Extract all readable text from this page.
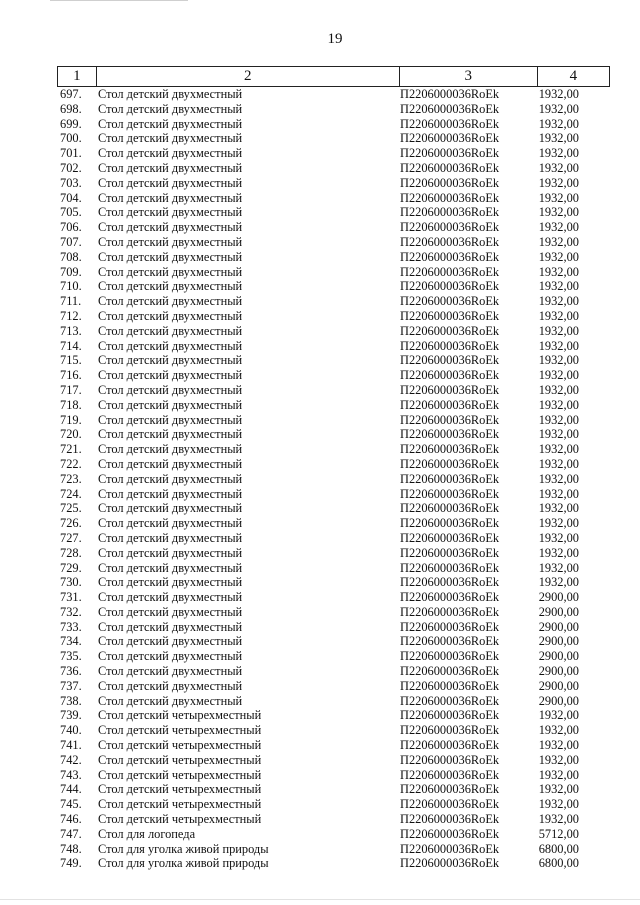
19
1	2	3	4
697.	Стол детский двухместный	П2206000036RoEk	1932,00
698.	Стол детский двухместный	П2206000036RoEk	1932,00
699.	Стол детский двухместный	П2206000036RoEk	1932,00
700.	Стол детский двухместный	П2206000036RoEk	1932,00
701.	Стол детский двухместный	П2206000036RoEk	1932,00
702.	Стол детский двухместный	П2206000036RoEk	1932,00
703.	Стол детский двухместный	П2206000036RoEk	1932,00
704.	Стол детский двухместный	П2206000036RoEk	1932,00
705.	Стол детский двухместный	П2206000036RoEk	1932,00
706.	Стол детский двухместный	П2206000036RoEk	1932,00
707.	Стол детский двухместный	П2206000036RoEk	1932,00
708.	Стол детский двухместный	П2206000036RoEk	1932,00
709.	Стол детский двухместный	П2206000036RoEk	1932,00
710.	Стол детский двухместный	П2206000036RoEk	1932,00
711.	Стол детский двухместный	П2206000036RoEk	1932,00
712.	Стол детский двухместный	П2206000036RoEk	1932,00
713.	Стол детский двухместный	П2206000036RoEk	1932,00
714.	Стол детский двухместный	П2206000036RoEk	1932,00
715.	Стол детский двухместный	П2206000036RoEk	1932,00
716.	Стол детский двухместный	П2206000036RoEk	1932,00
717.	Стол детский двухместный	П2206000036RoEk	1932,00
718.	Стол детский двухместный	П2206000036RoEk	1932,00
719.	Стол детский двухместный	П2206000036RoEk	1932,00
720.	Стол детский двухместный	П2206000036RoEk	1932,00
721.	Стол детский двухместный	П2206000036RoEk	1932,00
722.	Стол детский двухместный	П2206000036RoEk	1932,00
723.	Стол детский двухместный	П2206000036RoEk	1932,00
724.	Стол детский двухместный	П2206000036RoEk	1932,00
725.	Стол детский двухместный	П2206000036RoEk	1932,00
726.	Стол детский двухместный	П2206000036RoEk	1932,00
727.	Стол детский двухместный	П2206000036RoEk	1932,00
728.	Стол детский двухместный	П2206000036RoEk	1932,00
729.	Стол детский двухместный	П2206000036RoEk	1932,00
730.	Стол детский двухместный	П2206000036RoEk	1932,00
731.	Стол детский двухместный	П2206000036RoEk	2900,00
732.	Стол детский двухместный	П2206000036RoEk	2900,00
733.	Стол детский двухместный	П2206000036RoEk	2900,00
734.	Стол детский двухместный	П2206000036RoEk	2900,00
735.	Стол детский двухместный	П2206000036RoEk	2900,00
736.	Стол детский двухместный	П2206000036RoEk	2900,00
737.	Стол детский двухместный	П2206000036RoEk	2900,00
738.	Стол детский двухместный	П2206000036RoEk	2900,00
739.	Стол детский четырехместный	П2206000036RoEk	1932,00
740.	Стол детский четырехместный	П2206000036RoEk	1932,00
741.	Стол детский четырехместный	П2206000036RoEk	1932,00
742.	Стол детский четырехместный	П2206000036RoEk	1932,00
743.	Стол детский четырехместный	П2206000036RoEk	1932,00
744.	Стол детский четырехместный	П2206000036RoEk	1932,00
745.	Стол детский четырехместный	П2206000036RoEk	1932,00
746.	Стол детский четырехместный	П2206000036RoEk	1932,00
747.	Стол для логопеда	П2206000036RoEk	5712,00
748.	Стол для уголка живой природы	П2206000036RoEk	6800,00
749.	Стол для уголка живой природы	П2206000036RoEk	6800,00
